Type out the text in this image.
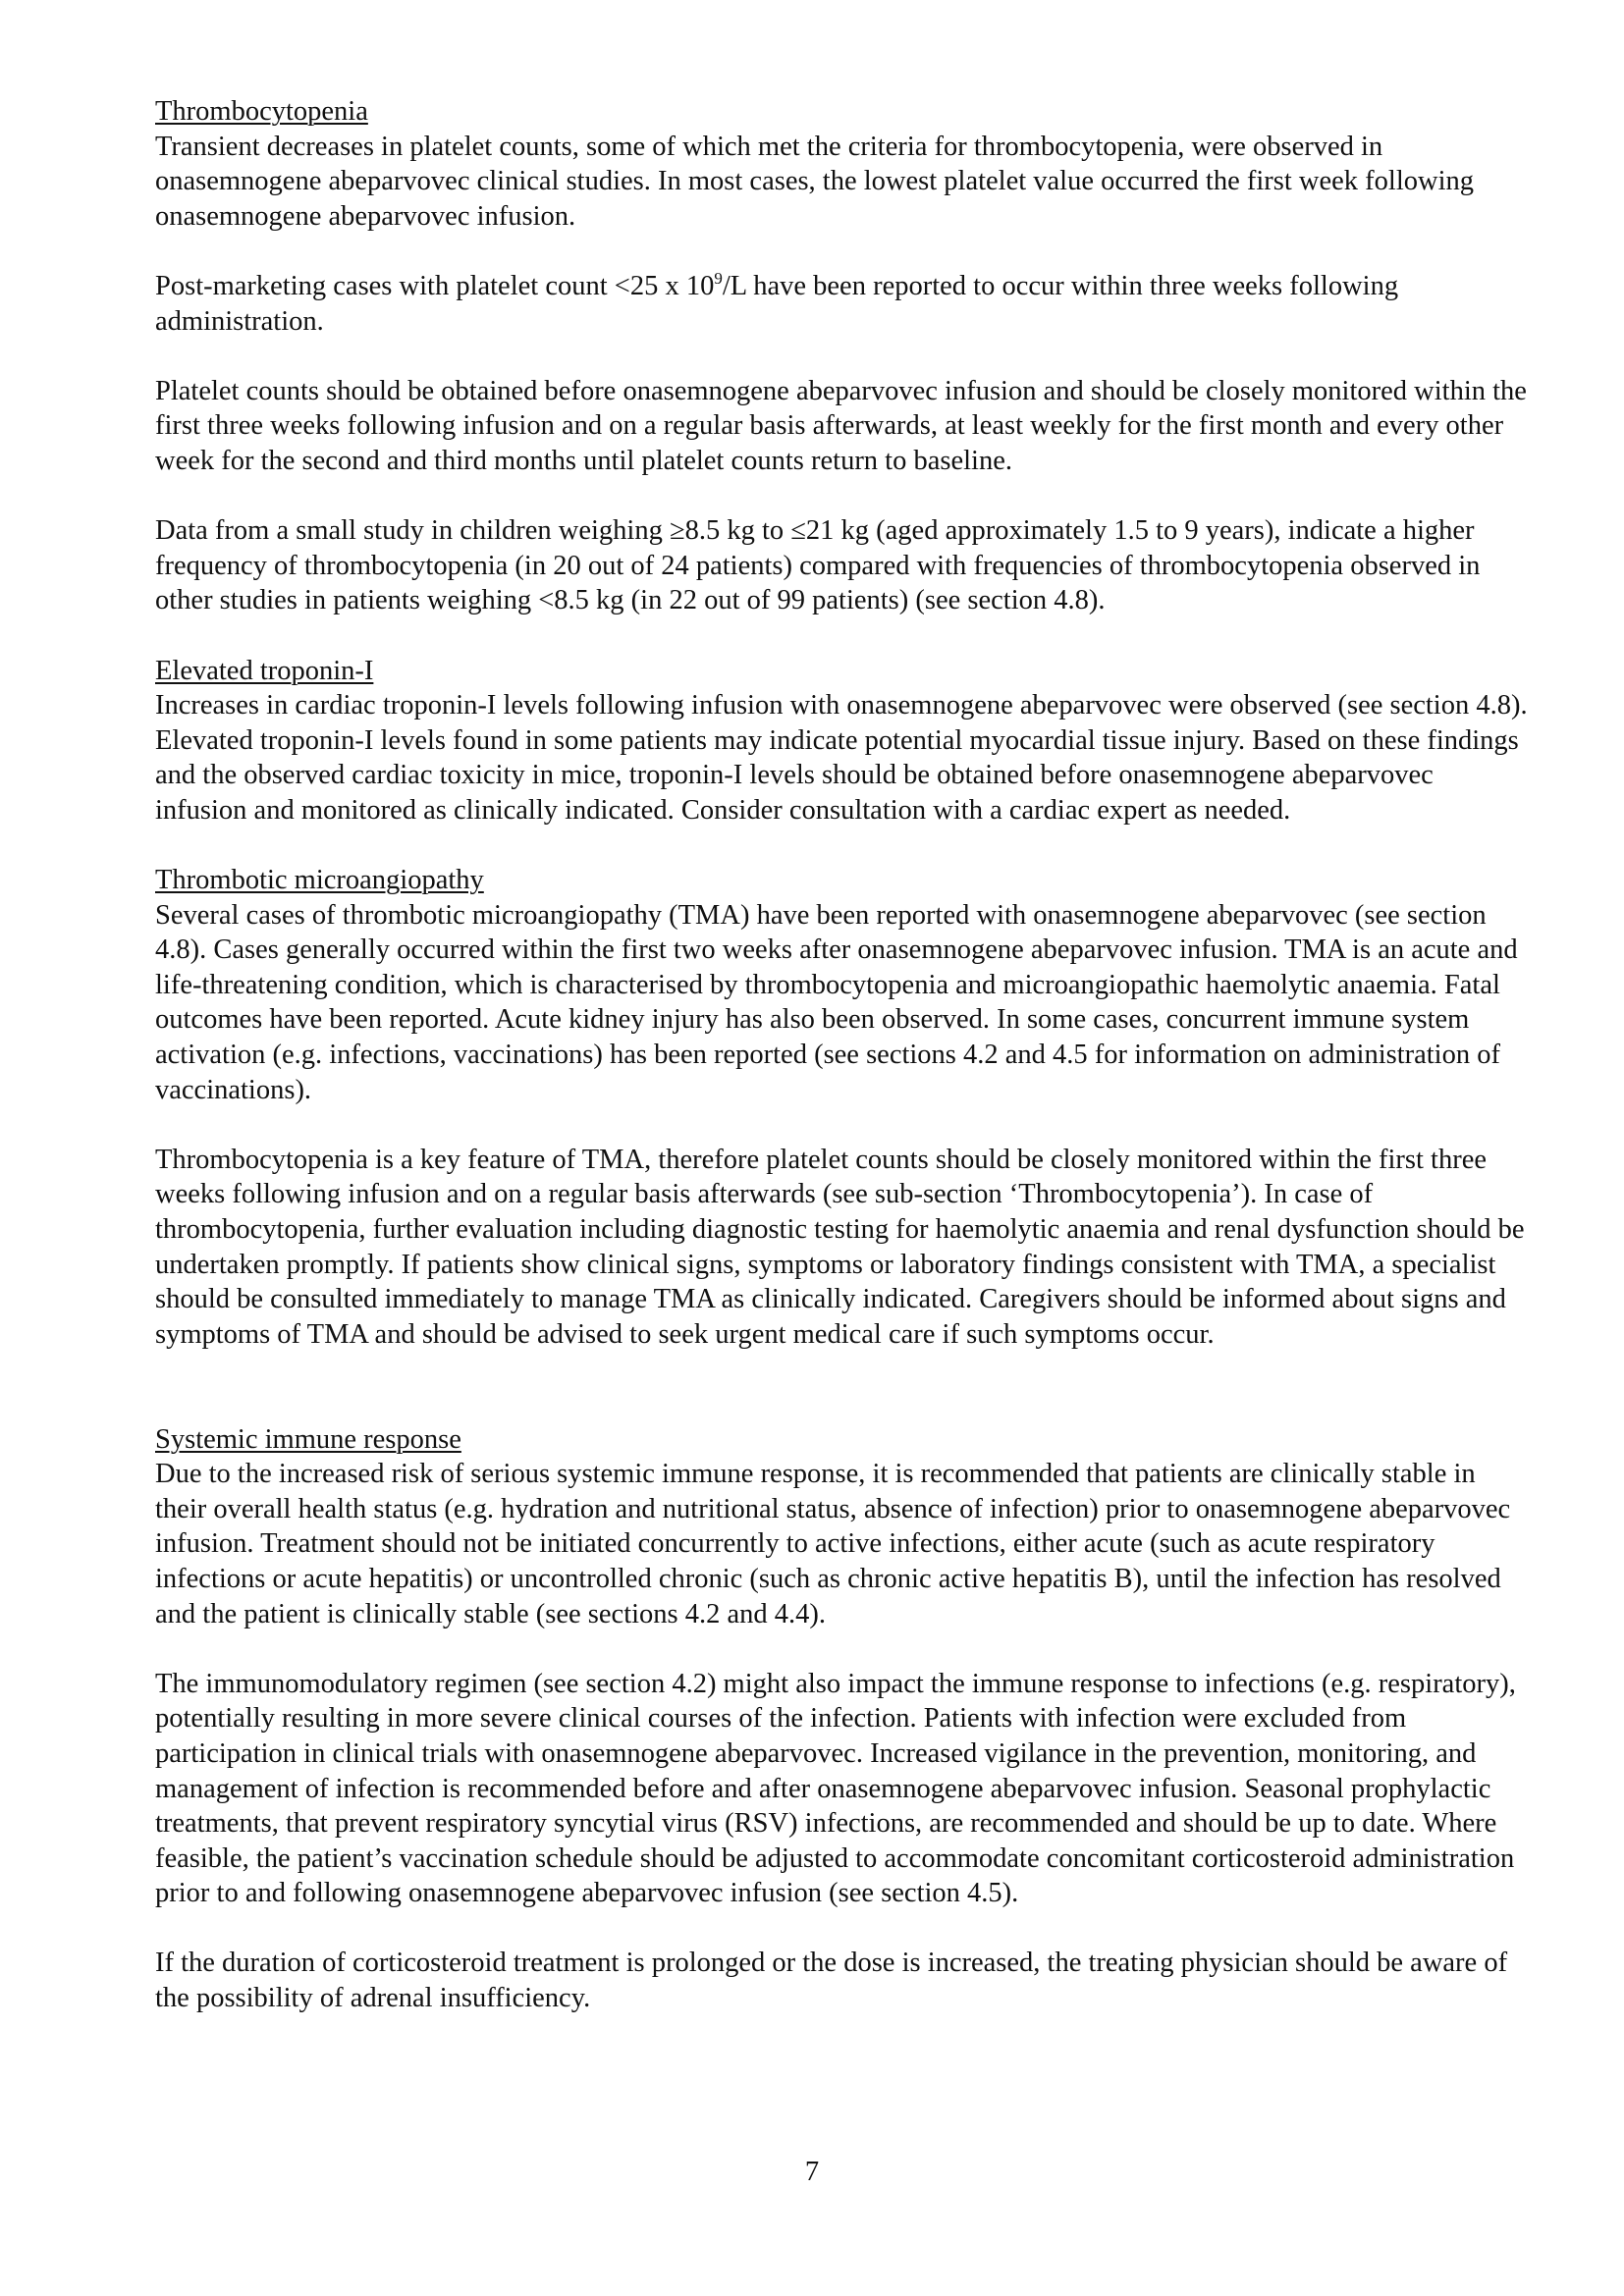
Thrombocytopenia

Transient decreases in platelet counts, some of which met the criteria for thrombocytopenia, were observed in onasemnogene abeparvovec clinical studies. In most cases, the lowest platelet value occurred the first week following onasemnogene abeparvovec infusion.

Post-marketing cases with platelet count <25 x $10^9/L$ have been reported to occur within three weeks following administration.

Platelet counts should be obtained before onasemnogene abeparvovec infusion and should be closely monitored within the first three weeks following infusion and on a regular basis afterwards, at least weekly for the first month and every other week for the second and third months until platelet counts return to baseline.

Data from a small study in children weighing ≥8.5 kg to ≤21 kg (aged approximately 1.5 to 9 years), indicate a higher frequency of thrombocytopenia (in 20 out of 24 patients) compared with frequencies of thrombocytopenia observed in other studies in patients weighing <8.5 kg (in 22 out of 99 patients) (see section 4.8).

Elevated troponin-I

Increases in cardiac troponin-I levels following infusion with onasemnogene abeparvovec were observed (see section 4.8). Elevated troponin-I levels found in some patients may indicate potential myocardial tissue injury. Based on these findings and the observed cardiac toxicity in mice, troponin-I levels should be obtained before onasemnogene abeparvovec infusion and monitored as clinically indicated. Consider consultation with a cardiac expert as needed.

Thrombotic microangiopathy

Several cases of thrombotic microangiopathy (TMA) have been reported with onasemnogene abeparvovec (see section 4.8). Cases generally occurred within the first two weeks after onasemnogene abeparvovec infusion. TMA is an acute and life-threatening condition, which is characterised by thrombocytopenia and microangiopathic haemolytic anaemia. Fatal outcomes have been reported. Acute kidney injury has also been observed. In some cases, concurrent immune system activation (e.g. infections, vaccinations) has been reported (see sections 4.2 and 4.5 for information on administration of vaccinations).

Thrombocytopenia is a key feature of TMA, therefore platelet counts should be closely monitored within the first three weeks following infusion and on a regular basis afterwards (see sub-section ‘Thrombocytopenia’). In case of thrombocytopenia, further evaluation including diagnostic testing for haemolytic anaemia and renal dysfunction should be undertaken promptly. If patients show clinical signs, symptoms or laboratory findings consistent with TMA, a specialist should be consulted immediately to manage TMA as clinically indicated. Caregivers should be informed about signs and symptoms of TMA and should be advised to seek urgent medical care if such symptoms occur.

Systemic immune response

Due to the increased risk of serious systemic immune response, it is recommended that patients are clinically stable in their overall health status (e.g. hydration and nutritional status, absence of infection) prior to onasemnogene abeparvovec infusion. Treatment should not be initiated concurrently to active infections, either acute (such as acute respiratory infections or acute hepatitis) or uncontrolled chronic (such as chronic active hepatitis B), until the infection has resolved and the patient is clinically stable (see sections 4.2 and 4.4).

The immunomodulatory regimen (see section 4.2) might also impact the immune response to infections (e.g. respiratory), potentially resulting in more severe clinical courses of the infection. Patients with infection were excluded from participation in clinical trials with onasemnogene abeparvovec. Increased vigilance in the prevention, monitoring, and management of infection is recommended before and after onasemnogene abeparvovec infusion. Seasonal prophylactic treatments, that prevent respiratory syncytial virus (RSV) infections, are recommended and should be up to date. Where feasible, the patient’s vaccination schedule should be adjusted to accommodate concomitant corticosteroid administration prior to and following onasemnogene abeparvovec infusion (see section 4.5).

If the duration of corticosteroid treatment is prolonged or the dose is increased, the treating physician should be aware of the possibility of adrenal insufficiency.

7
